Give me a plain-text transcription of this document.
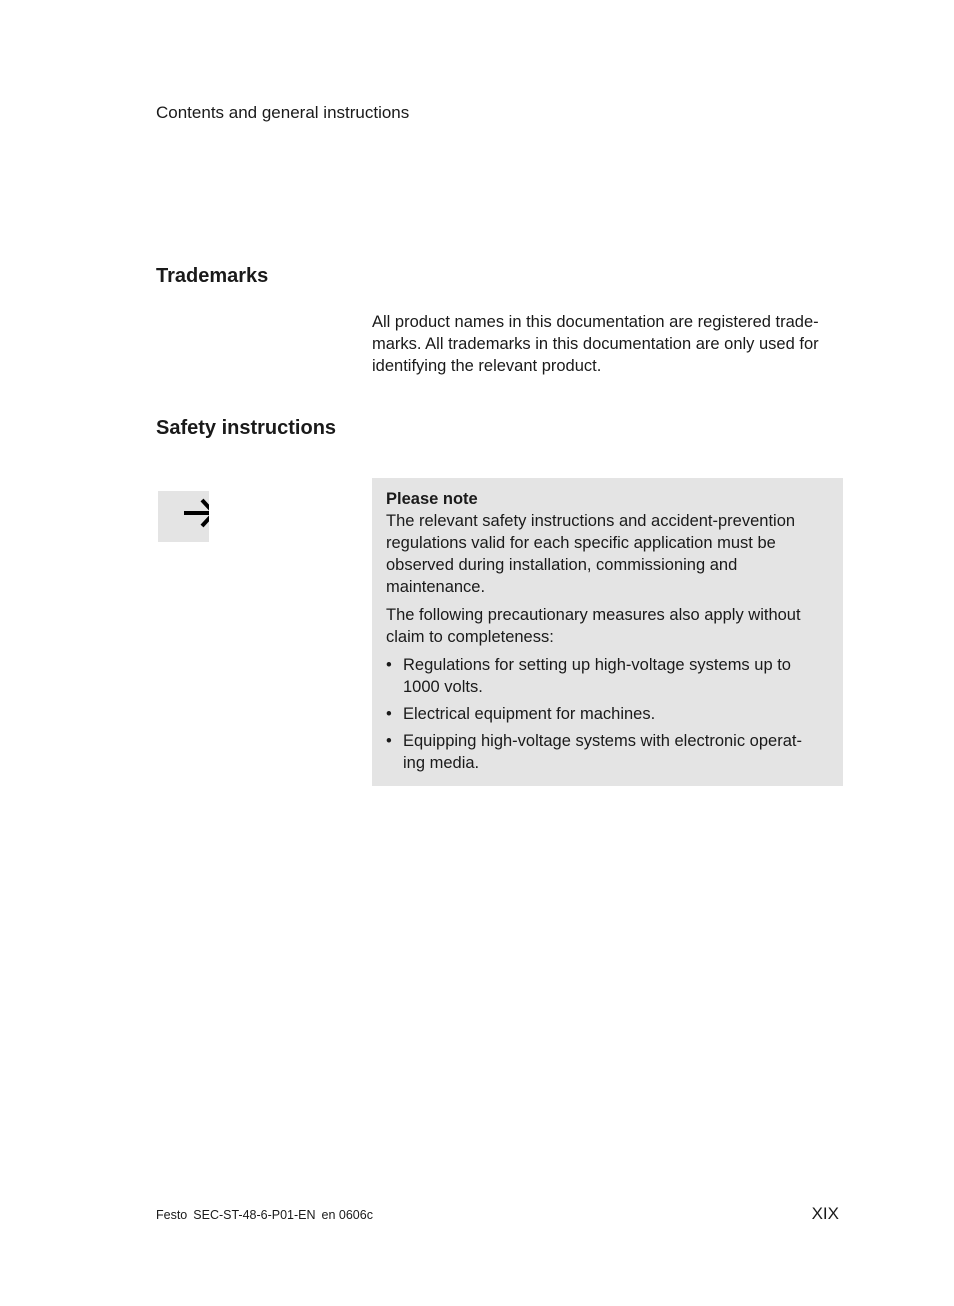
Contents and general instructions
Trademarks

All product names in this documentation are registered trade-
marks. All trademarks in this documentation are only used for
identifying the relevant product.

Safety instructions
Please note

The relevant safety instructions and accident-prevention
regulations valid for each specific application must be
observed during installation, commissioning and
maintenance.

The following precautionary measures also apply without
claim to completeness:

• Regulations for setting up high-voltage systems up to
1000 volts.
• Electrical equipment for machines.
• Equipping high-voltage systems with electronic operat-
ing media.
Festo SEC-ST-48-6-P01-EN en 0606c	XIX
